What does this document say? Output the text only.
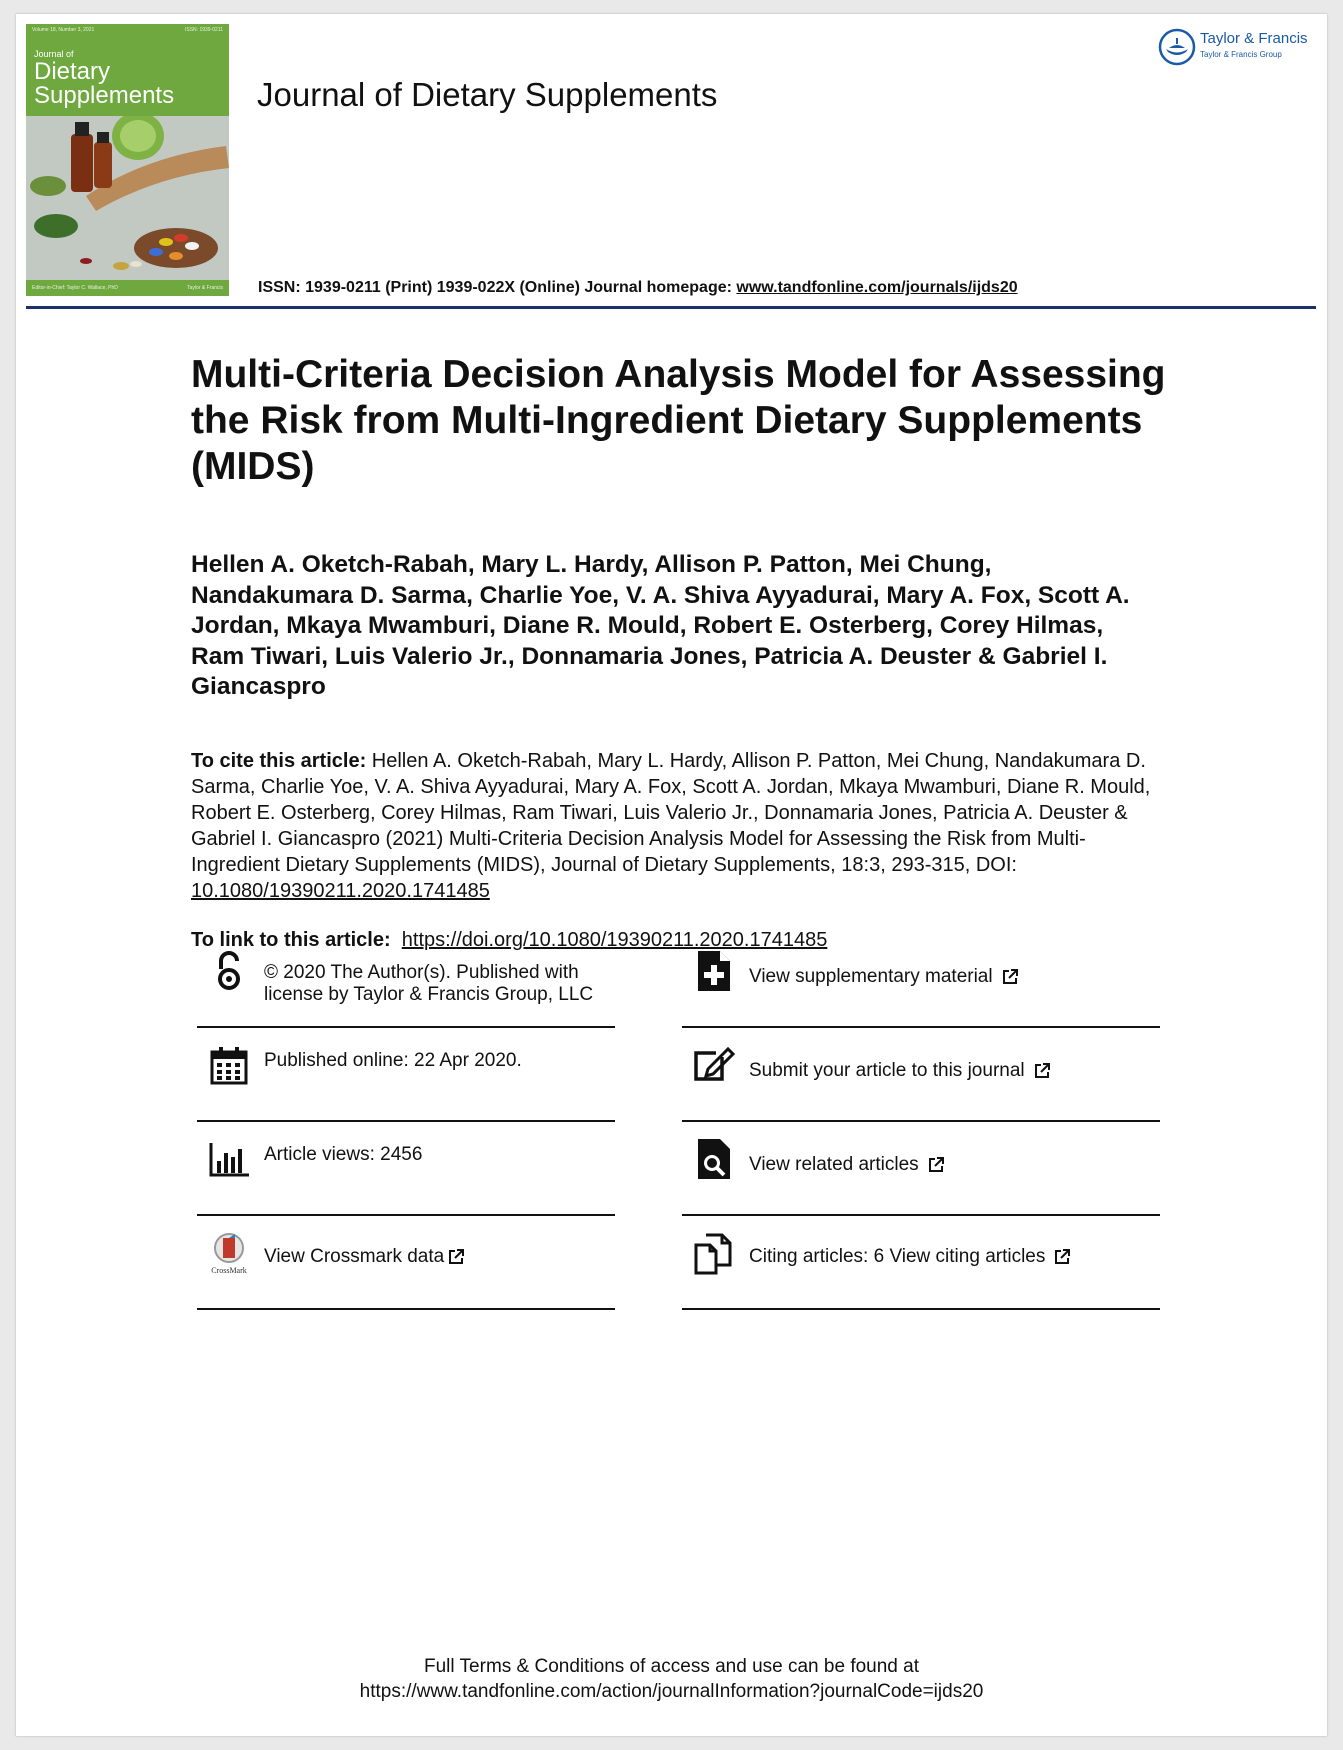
Volume 18, Number 3, 2021	ISSN: 1939-0211
Journal of
Dietary
Supplements
Editor-in-Chief: Taylor C. Wallace, PhD	Taylor & Francis
Journal of Dietary Supplements
Taylor & Francis
Taylor & Francis Group
ISSN: 1939-0211 (Print) 1939-022X (Online) Journal homepage: www.tandfonline.com/journals/ijds20
Multi-Criteria Decision Analysis Model for Assessing the Risk from Multi-Ingredient Dietary Supplements (MIDS)
Hellen A. Oketch-Rabah, Mary L. Hardy, Allison P. Patton, Mei Chung, Nandakumara D. Sarma, Charlie Yoe, V. A. Shiva Ayyadurai, Mary A. Fox, Scott A. Jordan, Mkaya Mwamburi, Diane R. Mould, Robert E. Osterberg, Corey Hilmas, Ram Tiwari, Luis Valerio Jr., Donnamaria Jones, Patricia A. Deuster & Gabriel I. Giancaspro
To cite this article: Hellen A. Oketch-Rabah, Mary L. Hardy, Allison P. Patton, Mei Chung, Nandakumara D. Sarma, Charlie Yoe, V. A. Shiva Ayyadurai, Mary A. Fox, Scott A. Jordan, Mkaya Mwamburi, Diane R. Mould, Robert E. Osterberg, Corey Hilmas, Ram Tiwari, Luis Valerio Jr., Donnamaria Jones, Patricia A. Deuster & Gabriel I. Giancaspro (2021) Multi-Criteria Decision Analysis Model for Assessing the Risk from Multi-Ingredient Dietary Supplements (MIDS), Journal of Dietary Supplements, 18:3, 293-315, DOI: 10.1080/19390211.2020.1741485
To link to this article: https://doi.org/10.1080/19390211.2020.1741485
© 2020 The Author(s). Published with license by Taylor & Francis Group, LLC
Published online: 22 Apr 2020.
Article views: 2456
CrossMark
View Crossmark data
View supplementary material
Submit your article to this journal
View related articles
Citing articles: 6 View citing articles
Full Terms & Conditions of access and use can be found at
https://www.tandfonline.com/action/journalInformation?journalCode=ijds20
